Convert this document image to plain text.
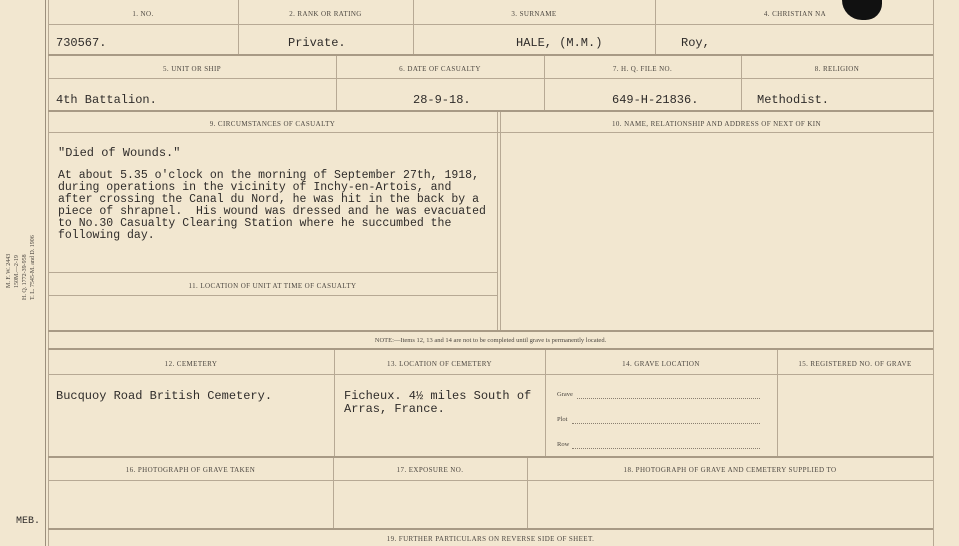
M. F. W. 2443 150M.—2-19 H. Q. 1772-39-958 T. L. 7545-M. and D. 1906
MEB.
1. NO.	2. RANK OR RATING	3. SURNAME	4. CHRISTIAN NA
730567.	Private.	HALE, (M.M.)	Roy,
5. UNIT OR SHIP	6. DATE OF CASUALTY	7. H. Q. FILE NO.	8. RELIGION
4th Battalion.	28-9-18.	649-H-21836.	Methodist.
9. CIRCUMSTANCES OF CASUALTY	10. NAME, RELATIONSHIP AND ADDRESS OF NEXT OF KIN
"Died of Wounds."
At about 5.35 o'clock on the morning of September 27th, 1918,
during operations in the vicinity of Inchy-en-Artois, and
after crossing the Canal du Nord, he was hit in the back by a
piece of shrapnel.  His wound was dressed and he was evacuated
to No.30 Casualty Clearing Station where he succumbed the
following day.
11. LOCATION OF UNIT AT TIME OF CASUALTY
NOTE:—Items 12, 13 and 14 are not to be completed until grave is permanently located.
12. CEMETERY	13. LOCATION OF CEMETERY	14. GRAVE LOCATION	15. REGISTERED NO. OF GRAVE
Bucquoy Road British Cemetery.	Ficheux. 4½ miles South of
Arras, France.
Grave
Plot
Row
16. PHOTOGRAPH OF GRAVE TAKEN	17. EXPOSURE NO.	18. PHOTOGRAPH OF GRAVE AND CEMETERY SUPPLIED TO
19. FURTHER PARTICULARS ON REVERSE SIDE OF SHEET.
